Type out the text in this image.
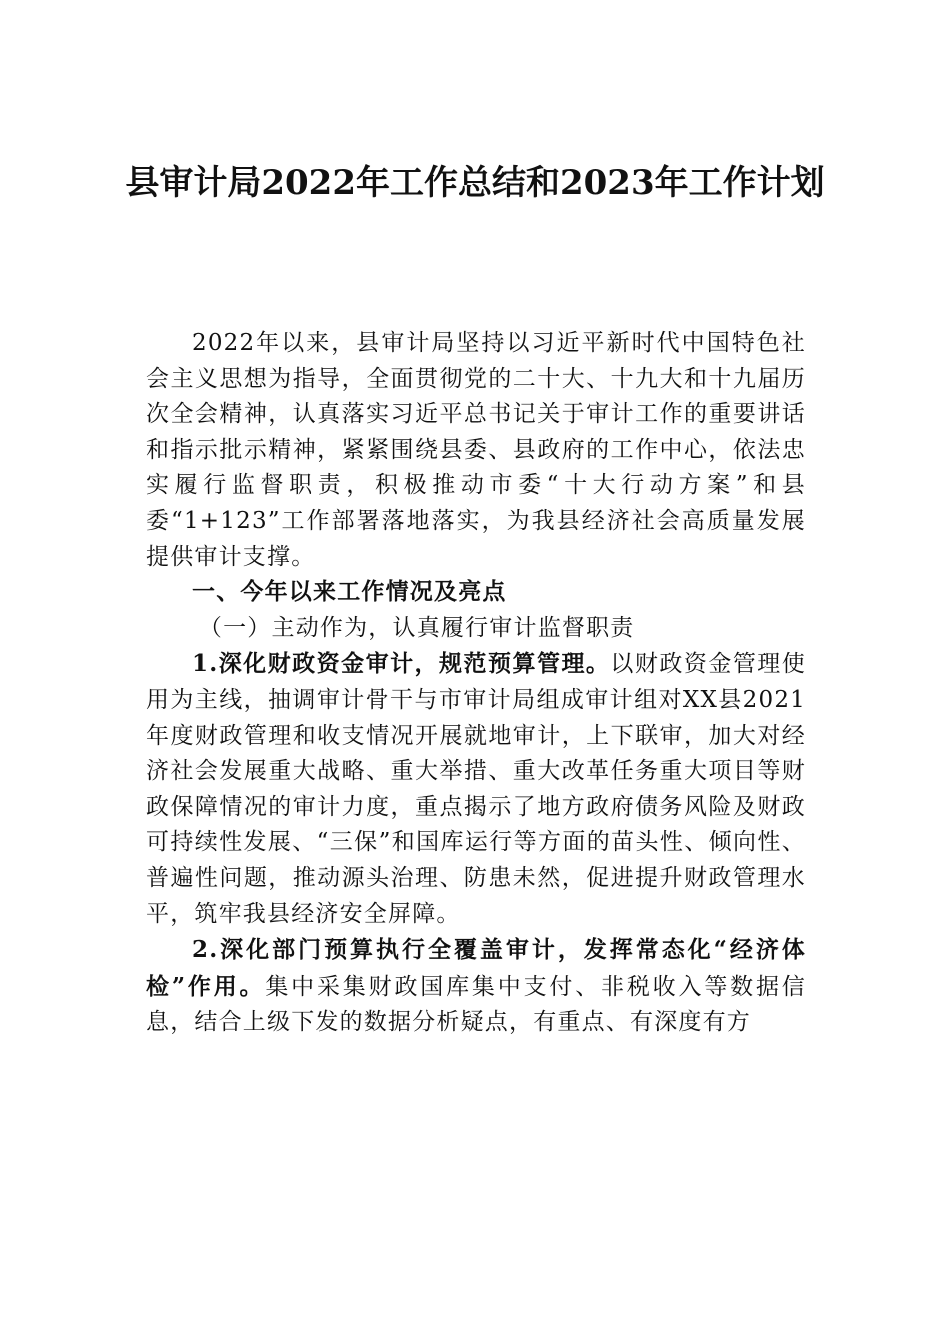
县审计局2022年工作总结和2023年工作计划

2022年以来，县审计局坚持以习近平新时代中国特色社会主义思想为指导，全面贯彻党的二十大、十九大和十九届历次全会精神，认真落实习近平总书记关于审计工作的重要讲话和指示批示精神，紧紧围绕县委、县政府的工作中心，依法忠实履行监督职责，积极推动市委“十大行动方案”和县委“1+123”工作部署落地落实，为我县经济社会高质量发展提供审计支撑。

一、今年以来工作情况及亮点

（一）主动作为，认真履行审计监督职责

1.深化财政资金审计，规范预算管理。以财政资金管理使用为主线，抽调审计骨干与市审计局组成审计组对XX县2021年度财政管理和收支情况开展就地审计，上下联审，加大对经济社会发展重大战略、重大举措、重大改革任务重大项目等财政保障情况的审计力度，重点揭示了地方政府债务风险及财政可持续性发展、“三保”和国库运行等方面的苗头性、倾向性、普遍性问题，推动源头治理、防患未然，促进提升财政管理水平，筑牢我县经济安全屏障。

2.深化部门预算执行全覆盖审计，发挥常态化“经济体检”作用。集中采集财政国库集中支付、非税收入等数据信息，结合上级下发的数据分析疑点，有重点、有深度有方
